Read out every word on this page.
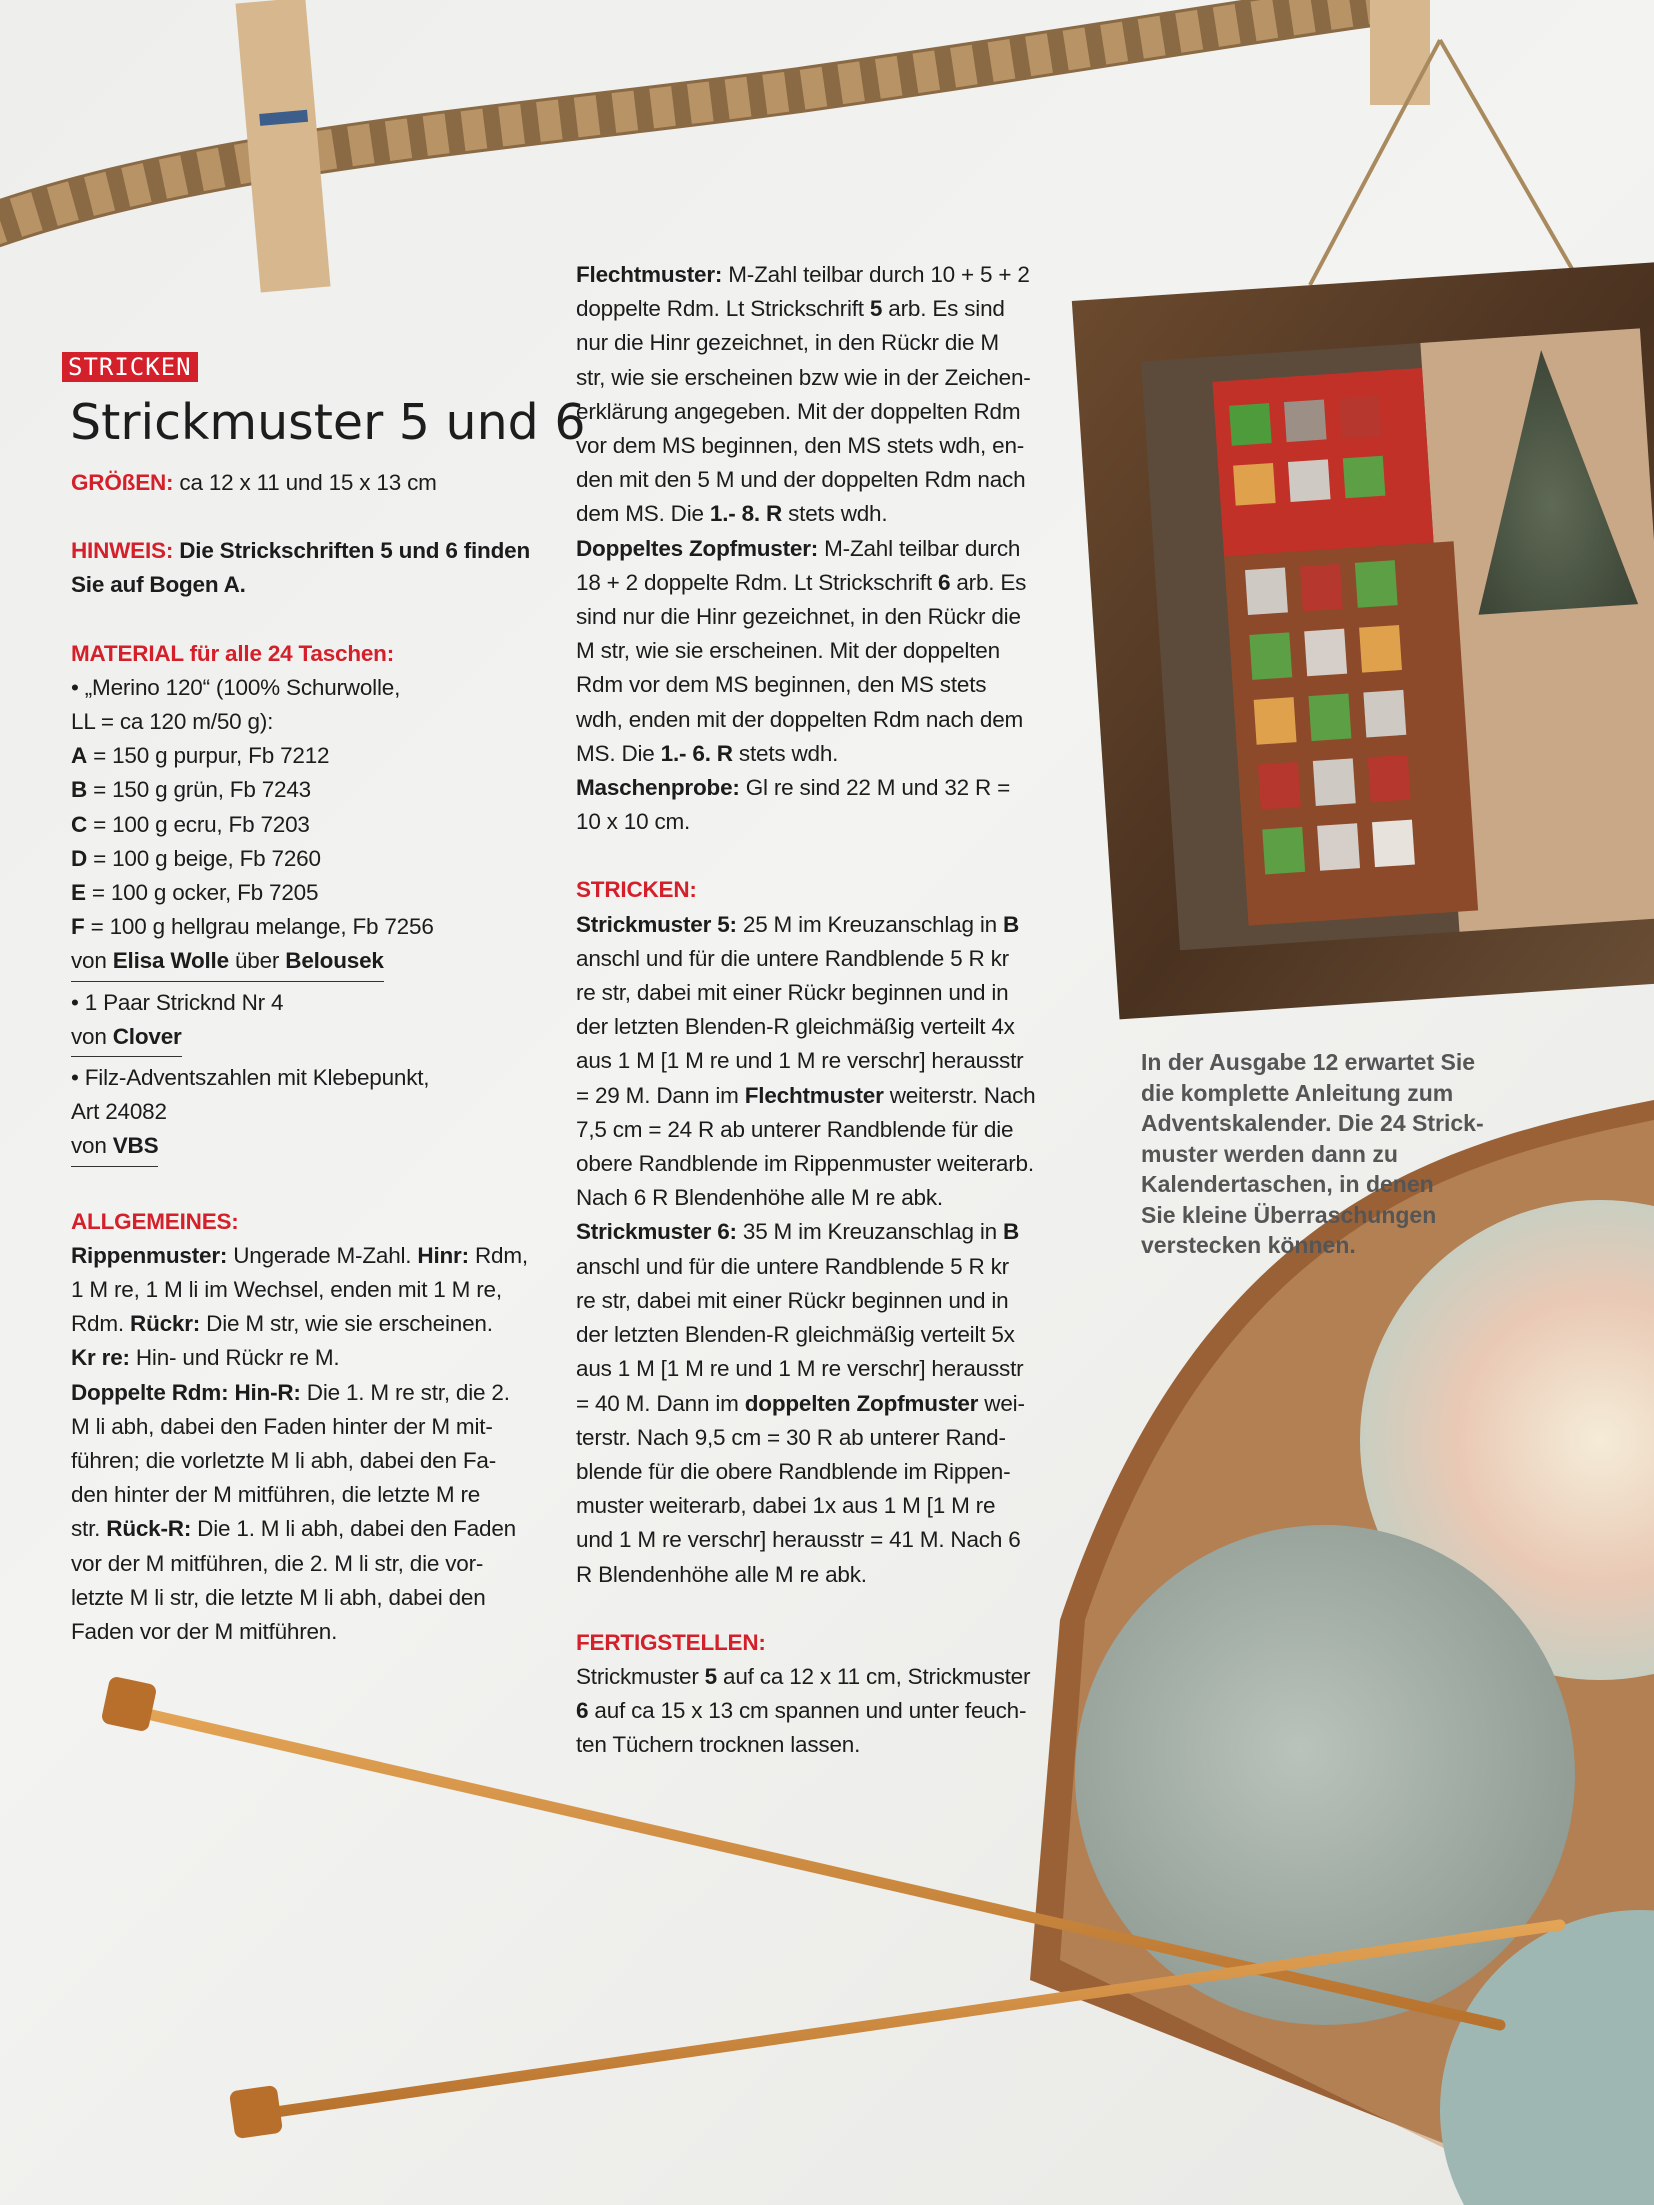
STRICKEN
Strickmuster 5 und 6

GRÖßEN: ca 12 x 11 und 15 x 13 cm

HINWEIS: Die Strickschriften 5 und 6 finden

Sie auf Bogen A.

MATERIAL für alle 24 Taschen:

• „Merino 120“ (100% Schurwolle,

LL = ca 120 m/50 g):

A = 150 g purpur, Fb 7212

B = 150 g grün, Fb 7243

C = 100 g ecru, Fb 7203

D = 100 g beige, Fb 7260

E = 100 g ocker, Fb 7205

F = 100 g hellgrau melange, Fb 7256

von Elisa Wolle über Belousek

• 1 Paar Stricknd Nr 4

von Clover

• Filz-Adventszahlen mit Klebepunkt,

Art 24082

von VBS

ALLGEMEINES:

Rippenmuster: Ungerade M-Zahl. Hinr: Rdm,

1 M re, 1 M li im Wechsel, enden mit 1 M re,

Rdm. Rückr: Die M str, wie sie erscheinen.

Kr re: Hin- und Rückr re M.

Doppelte Rdm: Hin-R: Die 1. M re str, die 2.

M li abh, dabei den Faden hinter der M mit-

führen; die vorletzte M li abh, dabei den Fa-

den hinter der M mitführen, die letzte M re

str. Rück-R: Die 1. M li abh, dabei den Faden

vor der M mitführen, die 2. M li str, die vor-

letzte M li str, die letzte M li abh, dabei den

Faden vor der M mitführen.

Flechtmuster: M-Zahl teilbar durch 10 + 5 + 2

doppelte Rdm. Lt Strickschrift 5 arb. Es sind

nur die Hinr gezeichnet, in den Rückr die M

str, wie sie erscheinen bzw wie in der Zeichen-

erklärung angegeben. Mit der doppelten Rdm

vor dem MS beginnen, den MS stets wdh, en-

den mit den 5 M und der doppelten Rdm nach

dem MS. Die 1.- 8. R stets wdh.

Doppeltes Zopfmuster: M-Zahl teilbar durch

18 + 2 doppelte Rdm. Lt Strickschrift 6 arb. Es

sind nur die Hinr gezeichnet, in den Rückr die

M str, wie sie erscheinen. Mit der doppelten

Rdm vor dem MS beginnen, den MS stets

wdh, enden mit der doppelten Rdm nach dem

MS. Die 1.- 6. R stets wdh.

Maschenprobe: Gl re sind 22 M und 32 R =

10 x 10 cm.

STRICKEN:

Strickmuster 5: 25 M im Kreuzanschlag in B

anschl und für die untere Randblende 5 R kr

re str, dabei mit einer Rückr beginnen und in

der letzten Blenden-R gleichmäßig verteilt 4x

aus 1 M [1 M re und 1 M re verschr] herausstr

= 29 M. Dann im Flechtmuster weiterstr. Nach

7,5 cm = 24 R ab unterer Randblende für die

obere Randblende im Rippenmuster weiterarb.

Nach 6 R Blendenhöhe alle M re abk.

Strickmuster 6: 35 M im Kreuzanschlag in B

anschl und für die untere Randblende 5 R kr

re str, dabei mit einer Rückr beginnen und in

der letzten Blenden-R gleichmäßig verteilt 5x

aus 1 M [1 M re und 1 M re verschr] herausstr

= 40 M. Dann im doppelten Zopfmuster wei-

terstr. Nach 9,5 cm = 30 R ab unterer Rand-

blende für die obere Randblende im Rippen-

muster weiterarb, dabei 1x aus 1 M [1 M re

und 1 M re verschr] herausstr = 41 M. Nach 6

R Blendenhöhe alle M re abk.

FERTIGSTELLEN:

Strickmuster 5 auf ca 12 x 11 cm, Strickmuster

6 auf ca 15 x 13 cm spannen und unter feuch-

ten Tüchern trocknen lassen.

In der Ausgabe 12 erwartet Sie
die komplette Anleitung zum
Adventskalender. Die 24 Strick-
muster werden dann zu
Kalendertaschen, in denen
Sie kleine Überraschungen
verstecken können.
